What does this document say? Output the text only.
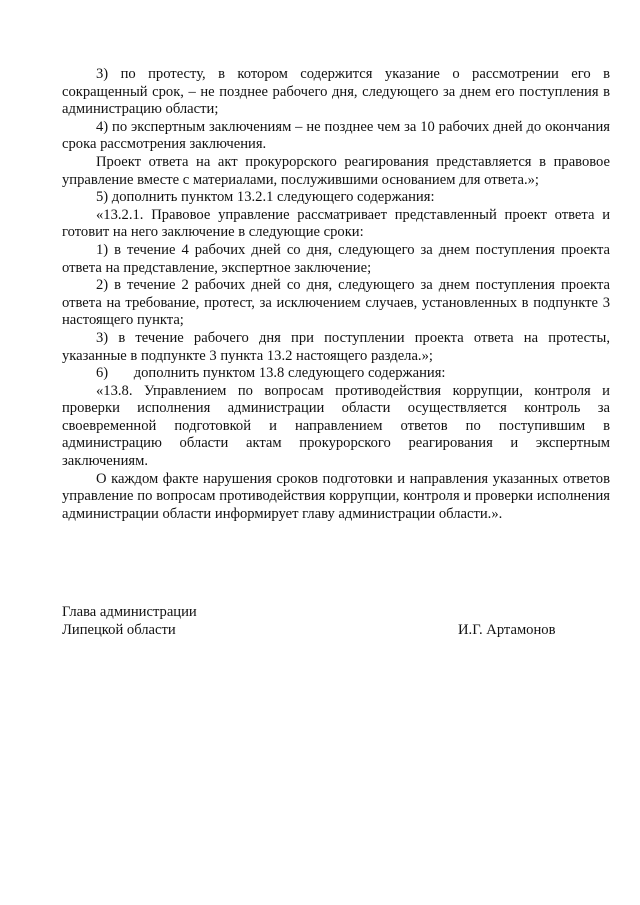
3) по протесту, в котором содержится указание о рассмотрении его в сокращенный срок, – не позднее рабочего дня, следующего за днем его поступления в администрацию области;

4) по экспертным заключениям – не позднее чем за 10 рабочих дней до окончания срока рассмотрения заключения.

Проект ответа на акт прокурорского реагирования представляется в правовое управление вместе с материалами, послужившими основанием для ответа.»;

5) дополнить пунктом 13.2.1 следующего содержания:

«13.2.1. Правовое управление рассматривает представленный проект ответа и готовит на него заключение в следующие сроки:

1) в течение 4 рабочих дней со дня, следующего за днем поступления проекта ответа на представление, экспертное заключение;

2) в течение 2 рабочих дней со дня, следующего за днем поступления проекта ответа на требование, протест, за исключением случаев, установленных в подпункте 3 настоящего пункта;

3) в течение рабочего дня при поступлении проекта ответа на протесты, указанные в подпункте 3 пункта 13.2 настоящего раздела.»;

6)       дополнить пунктом 13.8 следующего содержания:

«13.8. Управлением по вопросам противодействия коррупции, контроля и проверки исполнения администрации области осуществляется контроль за своевременной подготовкой и направлением ответов по поступившим в администрацию области актам прокурорского реагирования и экспертным заключениям.

О каждом факте нарушения сроков подготовки и направления указанных ответов управление по вопросам противодействия коррупции, контроля и проверки исполнения администрации области информирует главу администрации области.».

Глава администрации
Липецкой области	И.Г. Артамонов
